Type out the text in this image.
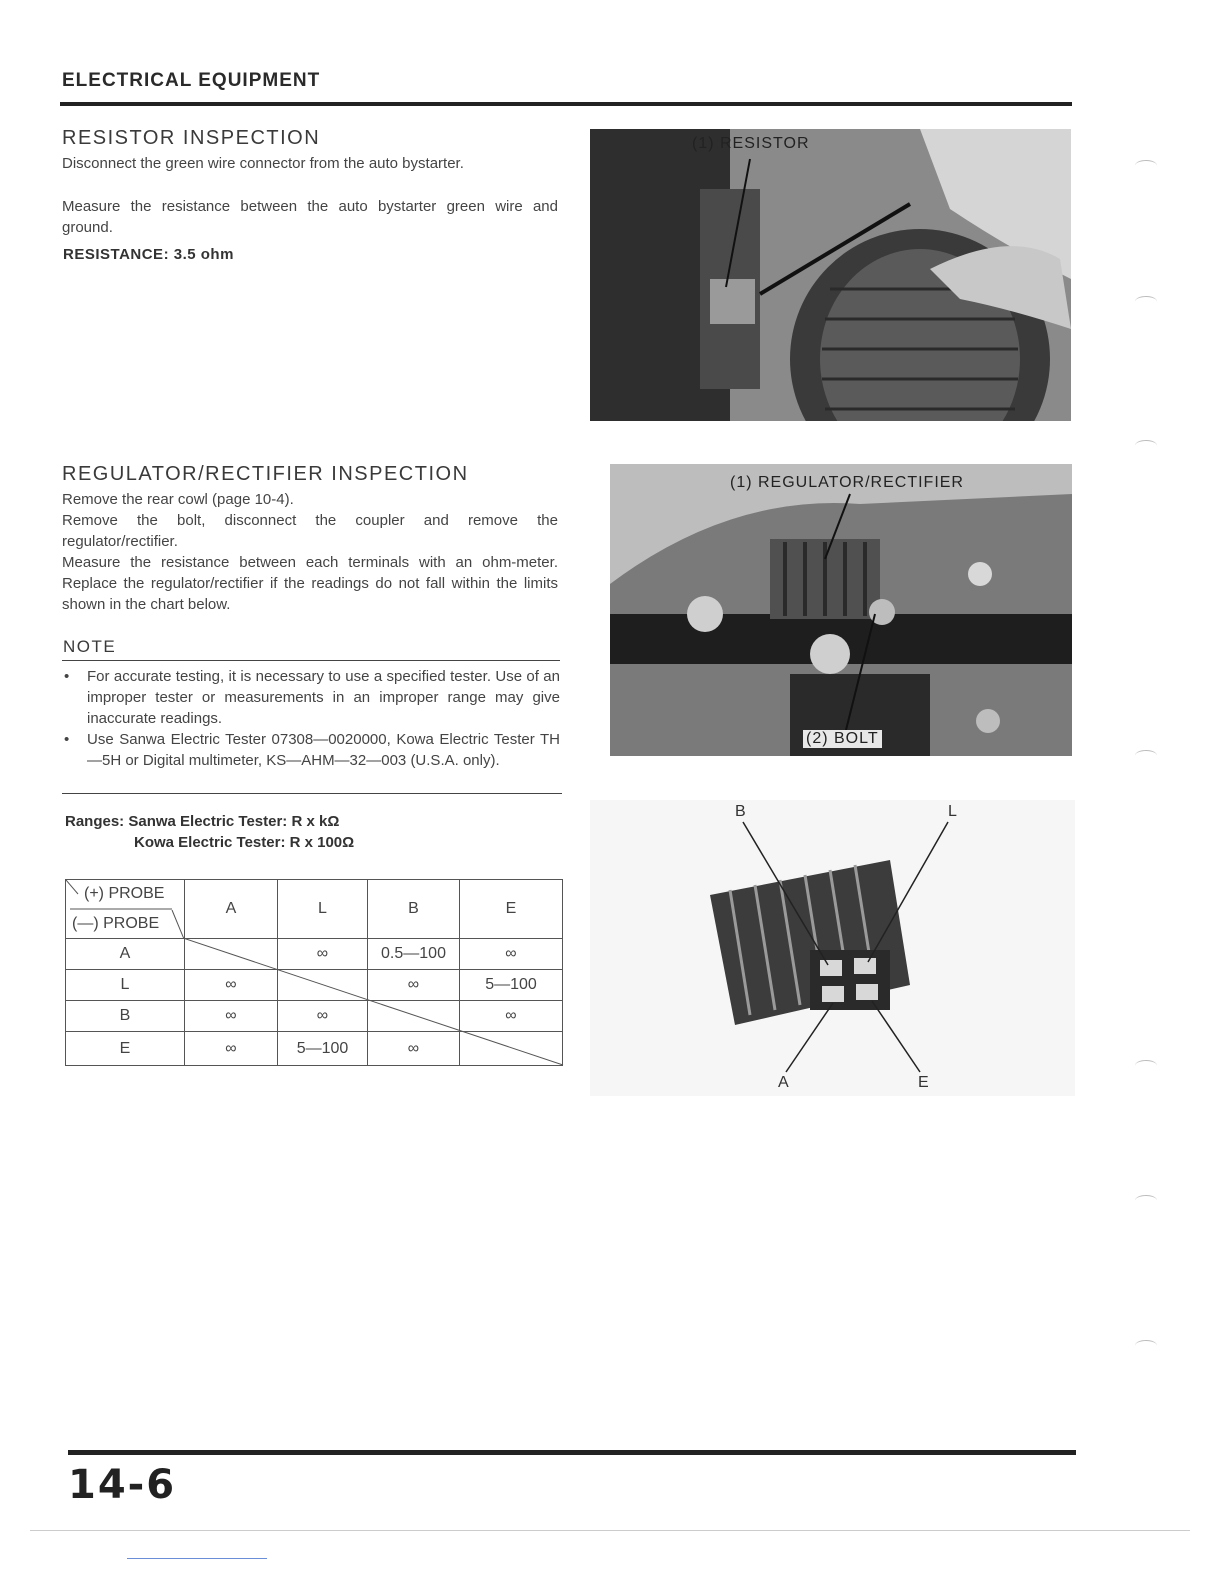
ELECTRICAL EQUIPMENT
RESISTOR INSPECTION
Disconnect the green wire connector from the auto bystarter.
Measure the resistance between the auto bystarter green wire and ground.
RESISTANCE: 3.5 ohm
(1) RESISTOR
REGULATOR/RECTIFIER INSPECTION
Remove the rear cowl (page 10-4).
Remove the bolt, disconnect the coupler and remove the regulator/rectifier.
Measure the resistance between each terminals with an ohm-meter. Replace the regulator/rectifier if the readings do not fall within the limits shown in the chart below.
NOTE
• For accurate testing, it is necessary to use a specified tester. Use of an improper tester or measurements in an improper range may give inaccurate readings.
• Use Sanwa Electric Tester 07308—0020000, Kowa Electric Tester TH—5H or Digital multimeter, KS—AHM—32—003 (U.S.A. only).
Ranges: Sanwa Electric Tester: R x kΩ
Kowa Electric Tester: R x 100Ω
(+) PROBE
(—) PROBE	A	L	B	E
A		∞	0.5—100	∞
L	∞		∞	5—100
B	∞	∞		∞
E	∞	5—100	∞	
(1) REGULATOR/RECTIFIER
(2) BOLT
B	L
A	E
14-6
